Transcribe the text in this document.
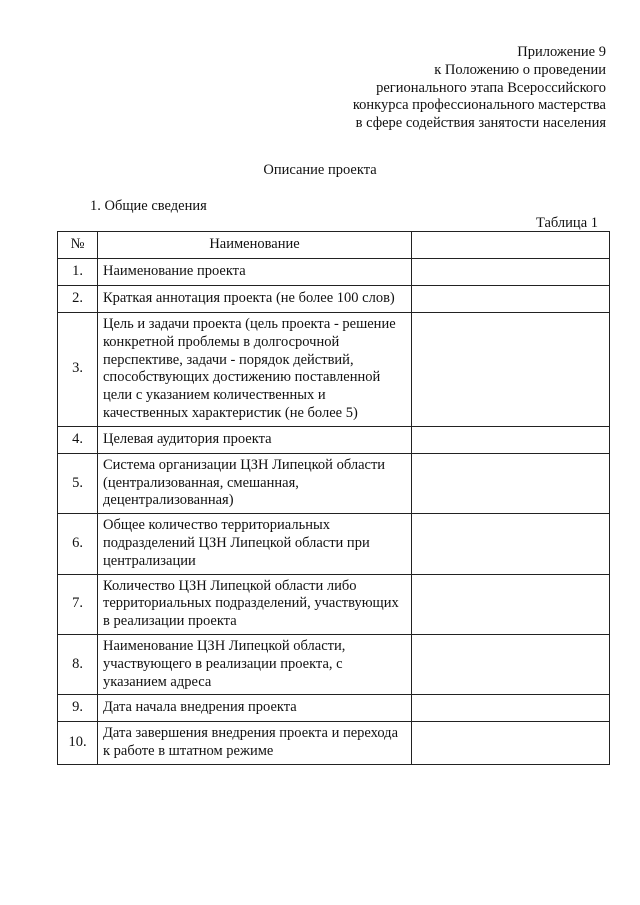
Приложение 9
к Положению о проведении
регионального этапа Всероссийского
конкурса профессионального мастерства
в сфере содействия занятости населения
Описание проекта
1. Общие сведения
Таблица 1
№	Наименование	
1.	Наименование проекта	
2.	Краткая аннотация проекта (не более 100 слов)	
3.	Цель и задачи проекта (цель проекта - решение конкретной проблемы в долгосрочной перспективе, задачи - порядок действий, способствующих достижению поставленной цели с указанием количественных и качественных характеристик (не более 5)	
4.	Целевая аудитория проекта	
5.	Система организации ЦЗН Липецкой области (централизованная, смешанная, децентрализованная)	
6.	Общее количество территориальных подразделений ЦЗН Липецкой области при централизации	
7.	Количество ЦЗН Липецкой области либо территориальных подразделений, участвующих в реализации проекта	
8.	Наименование ЦЗН Липецкой области, участвующего в реализации проекта, с указанием адреса	
9.	Дата начала внедрения проекта	
10.	Дата завершения внедрения проекта и перехода к работе в штатном режиме	
